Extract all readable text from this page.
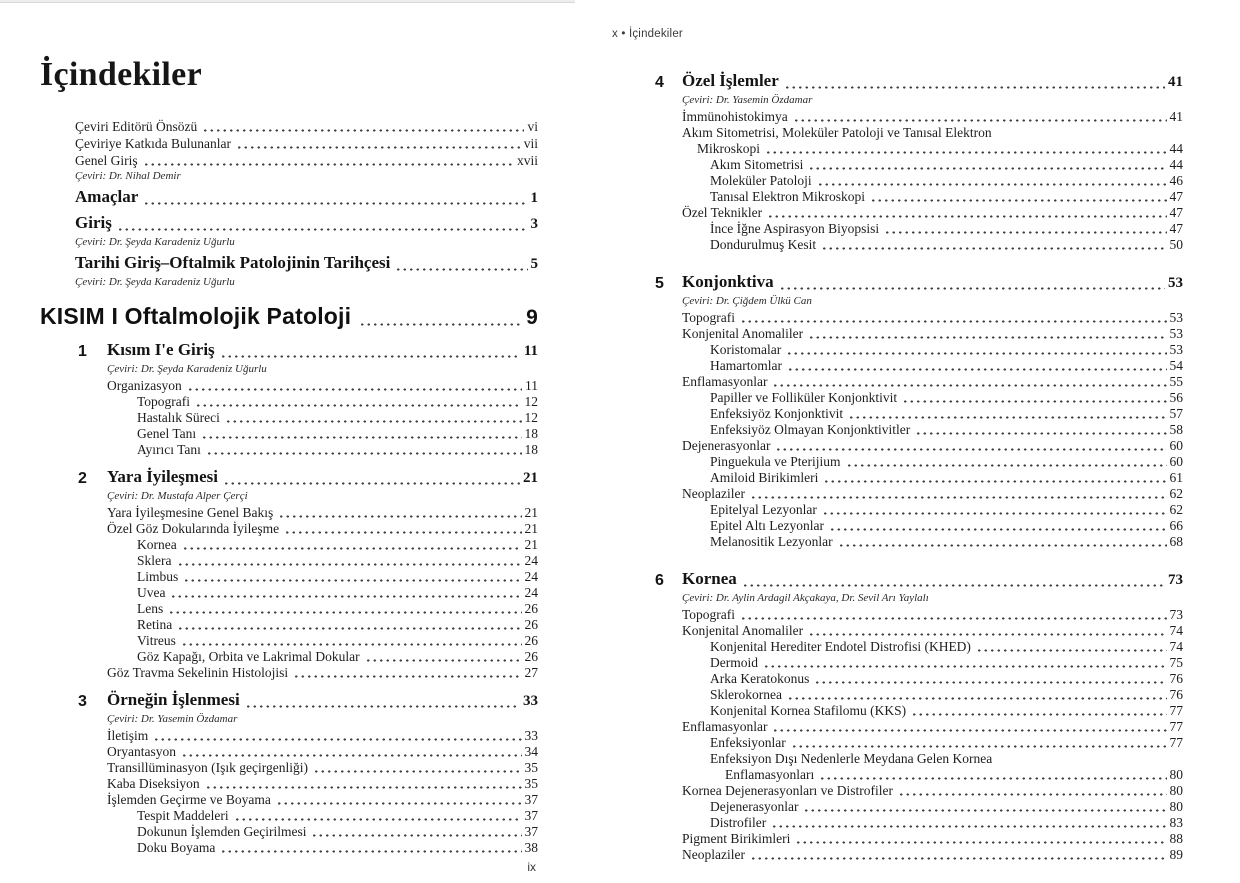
x • İçindekiler
İçindekiler
Çeviri Editörü Önsözü	vi
Çeviriye Katkıda Bulunanlar	vii
Genel Giriş	xvii
Çeviri: Dr. Nihal Demir
Amaçlar	1
Giriş	3
Çeviri: Dr. Şeyda Karadeniz Uğurlu
Tarihi Giriş–Oftalmik Patolojinin Tarihçesi	5
Çeviri: Dr. Şeyda Karadeniz Uğurlu
KISIM I Oftalmolojik Patoloji	9
1 Kısım I'e Giriş	11
Çeviri: Dr. Şeyda Karadeniz Uğurlu
Organizasyon	11
Topografi	12
Hastalık Süreci	12
Genel Tanı	18
Ayırıcı Tanı	18
2 Yara İyileşmesi	21
Çeviri: Dr. Mustafa Alper Çerçi
Yara İyileşmesine Genel Bakış	21
Özel Göz Dokularında İyileşme	21
Kornea	21
Sklera	24
Limbus	24
Uvea	24
Lens	26
Retina	26
Vitreus	26
Göz Kapağı, Orbita ve Lakrimal Dokular	26
Göz Travma Sekelinin Histolojisi	27
3 Örneğin İşlenmesi	33
Çeviri: Dr. Yasemin Özdamar
İletişim	33
Oryantasyon	34
Transillüminasyon (Işık geçirgenliği)	35
Kaba Diseksiyon	35
İşlemden Geçirme ve Boyama	37
Tespit Maddeleri	37
Dokunun İşlemden Geçirilmesi	37
Doku Boyama	38
ix
4 Özel İşlemler	41
Çeviri: Dr. Yasemin Özdamar
İmmünohistokimya	41
Akım Sitometrisi, Moleküler Patoloji ve Tanısal Elektron
Mikroskopi	44
Akım Sitometrisi	44
Moleküler Patoloji	46
Tanısal Elektron Mikroskopi	47
Özel Teknikler	47
İnce İğne Aspirasyon Biyopsisi	47
Dondurulmuş Kesit	50
5 Konjonktiva	53
Çeviri: Dr. Çiğdem Ülkü Can
Topografi	53
Konjenital Anomaliler	53
Koristomalar	53
Hamartomlar	54
Enflamasyonlar	55
Papiller ve Folliküler Konjonktivit	56
Enfeksiyöz Konjonktivit	57
Enfeksiyöz Olmayan Konjonktivitler	58
Dejenerasyonlar	60
Pinguekula ve Pterijium	60
Amiloid Birikimleri	61
Neoplaziler	62
Epitelyal Lezyonlar	62
Epitel Altı Lezyonlar	66
Melanositik Lezyonlar	68
6 Kornea	73
Çeviri: Dr. Aylin Ardagil Akçakaya, Dr. Sevil Arı Yaylalı
Topografi	73
Konjenital Anomaliler	74
Konjenital Herediter Endotel Distrofisi (KHED)	74
Dermoid	75
Arka Keratokonus	76
Sklerokornea	76
Konjenital Kornea Stafilomu (KKS)	77
Enflamasyonlar	77
Enfeksiyonlar	77
Enfeksiyon Dışı Nedenlerle Meydana Gelen Kornea
Enflamasyonları	80
Kornea Dejenerasyonları ve Distrofiler	80
Dejenerasyonlar	80
Distrofiler	83
Pigment Birikimleri	88
Neoplaziler	89
